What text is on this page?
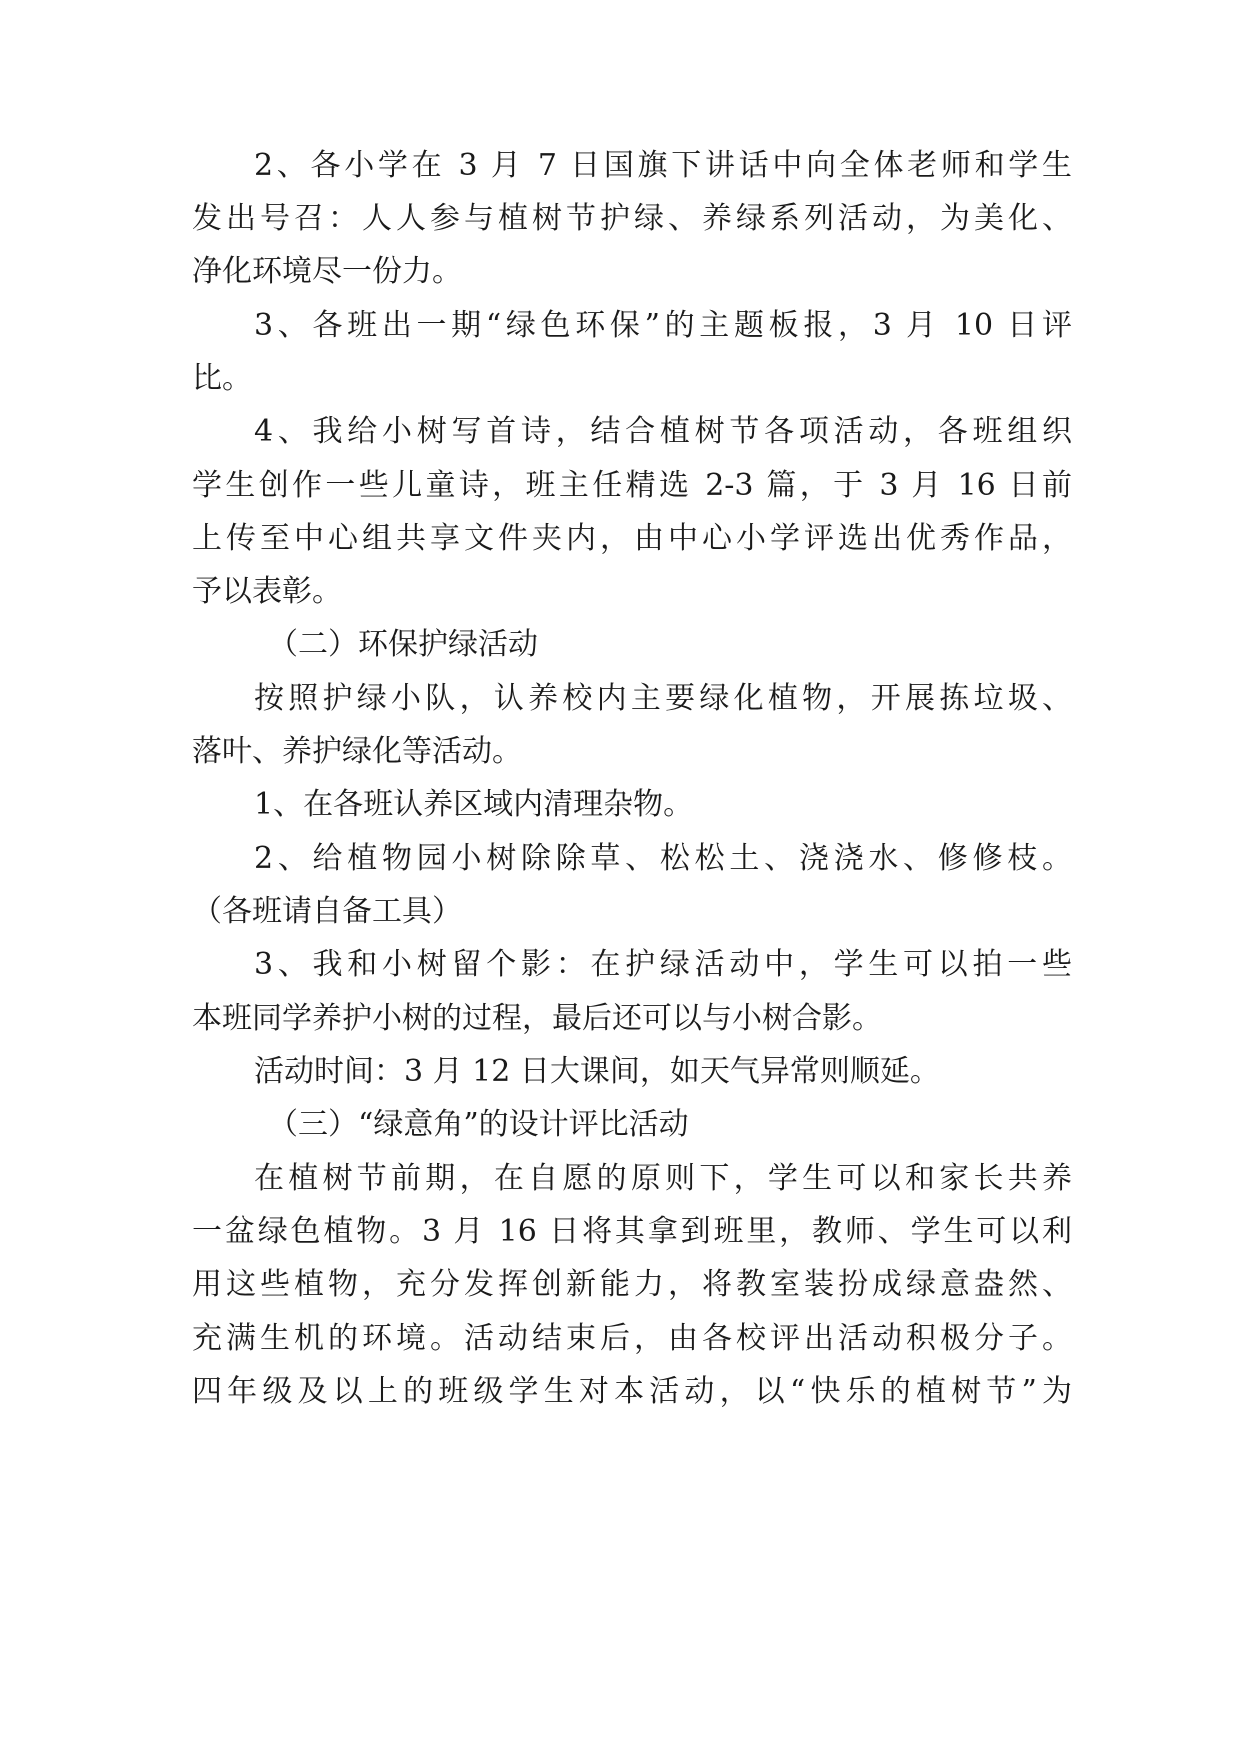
2、各小学在 3 月 7 日国旗下讲话中向全体老师和学生
发出号召：人人参与植树节护绿、养绿系列活动，为美化、
净化环境尽一份力。
3、各班出一期“绿色环保”的主题板报，3 月 10 日评
比。
4、我给小树写首诗，结合植树节各项活动，各班组织
学生创作一些儿童诗，班主任精选 2-3 篇，于 3 月 16 日前
上传至中心组共享文件夹内，由中心小学评选出优秀作品，
予以表彰。
（二）环保护绿活动
按照护绿小队，认养校内主要绿化植物，开展拣垃圾、
落叶、养护绿化等活动。
1、在各班认养区域内清理杂物。
2、给植物园小树除除草、松松土、浇浇水、修修枝。
（各班请自备工具）
3、我和小树留个影：在护绿活动中，学生可以拍一些
本班同学养护小树的过程，最后还可以与小树合影。
活动时间：3 月 12 日大课间，如天气异常则顺延。
（三）“绿意角”的设计评比活动
在植树节前期，在自愿的原则下，学生可以和家长共养
一盆绿色植物。3 月 16 日将其拿到班里，教师、学生可以利
用这些植物，充分发挥创新能力，将教室装扮成绿意盎然、
充满生机的环境。活动结束后，由各校评出活动积极分子。
四年级及以上的班级学生对本活动，以“快乐的植树节”为
